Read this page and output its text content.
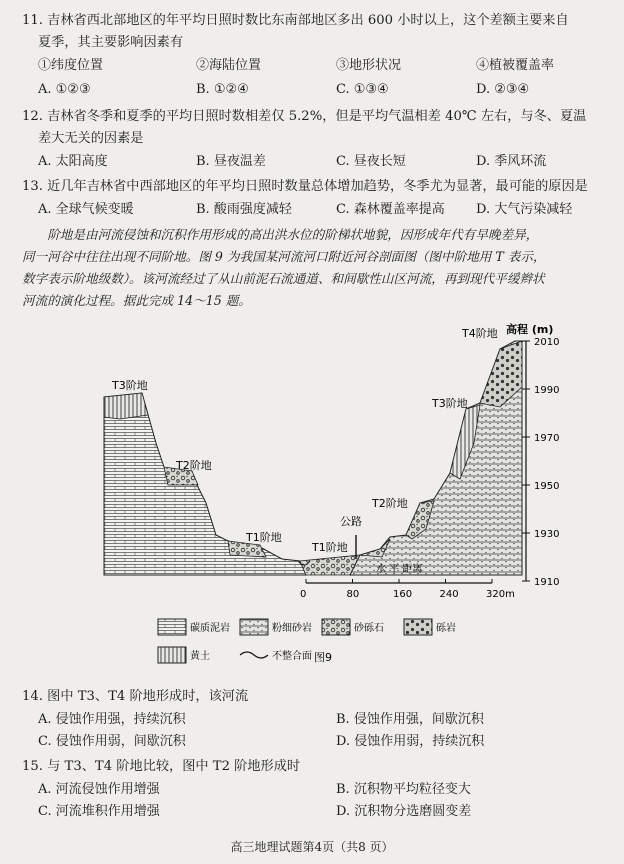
11. 吉林省西北部地区的年平均日照时数比东南部地区多出 600 小时以上，这个差额主要来自
夏季，其主要影响因素有
①纬度位置	②海陆位置	③地形状况	④植被覆盖率
A. ①②③	B. ①②④	C. ①③④	D. ②③④
12. 吉林省冬季和夏季的平均日照时数相差仅 5.2%，但是平均气温相差 40℃ 左右，与冬、夏温
差大无关的因素是
A. 太阳高度	B. 昼夜温差	C. 昼夜长短	D. 季风环流
13. 近几年吉林省中西部地区的年平均日照时数量总体增加趋势，冬季尤为显著，最可能的原因是
A. 全球气候变暖	B. 酸雨强度减轻	C. 森林覆盖率提高 D. 大气污染减轻
阶地是由河流侵蚀和沉积作用形成的高出洪水位的阶梯状地貌，因形成年代有早晚差异，
同一河谷中往往出现不同阶地。图 9 为我国某河流河口附近河谷剖面图（图中阶地用 T 表示，
数字表示阶地级数）。该河流经过了从山前泥石流通道、和间歇性山区河流，再到现代平缓辫状
河流的演化过程。据此完成 14～15 题。
T3阶地
T2阶地
T1阶地
T1阶地
公路
T2阶地
T3阶地
T4阶地 高程 (m)
2010
1990
1970
1950
1930
1910
0	80	160	240	320m
水 平 距离
碳质泥岩	粉细砂岩	砂砾石	砾岩
黄土	不整合面 图9
14. 图中 T3、T4 阶地形成时，该河流
A. 侵蚀作用强，持续沉积	B. 侵蚀作用强，间歇沉积
C. 侵蚀作用弱，间歇沉积	D. 侵蚀作用弱，持续沉积
15. 与 T3、T4 阶地比较，图中 T2 阶地形成时
A. 河流侵蚀作用增强	B. 沉积物平均粒径变大
C. 河流堆积作用增强	D. 沉积物分选磨圆变差
高三地理试题第4页（共8 页）
